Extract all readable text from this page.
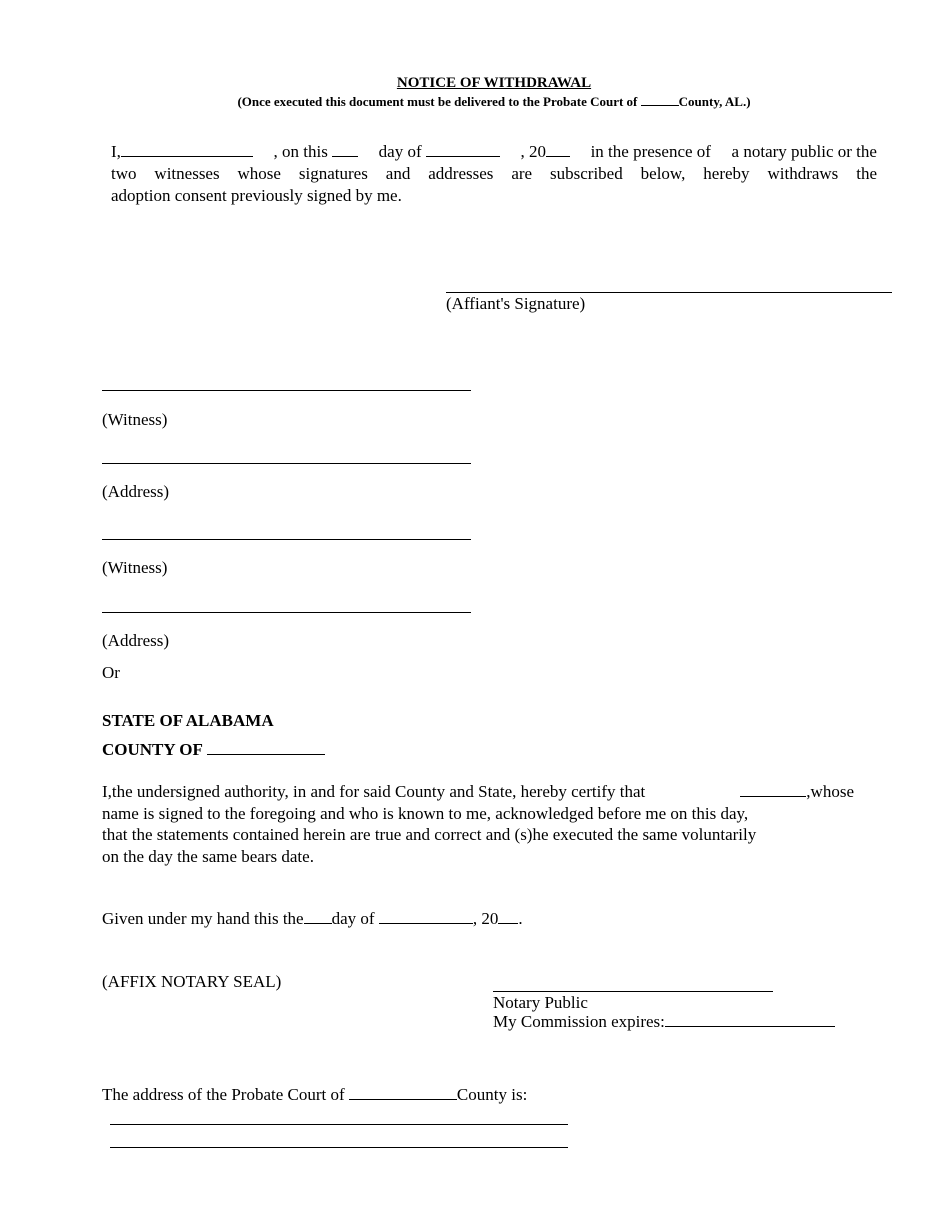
NOTICE OF WITHDRAWAL
(Once executed this document must be delivered to the Probate Court of	County, AL.)
I,	, on this	day of	, 20	in the presence of a notary public or the
two witnesses whose signatures and addresses are subscribed below, hereby withdraws the
adoption consent previously signed by me.
(Affiant's Signature)
(Witness)
(Address)
(Witness)
(Address)
Or
STATE OF ALABAMA
COUNTY OF
I,the undersigned authority, in and for said County and State, hereby certify that	,whose
name is signed to the foregoing and who is known to me, acknowledged before me on this day,
that the statements contained herein are true and correct and (s)he executed the same voluntarily
on the day the same bears date.
Given under my hand this the day of	, 20 .
(AFFIX NOTARY SEAL)
Notary Public
My Commission expires:
The address of the Probate Court of	County is:
